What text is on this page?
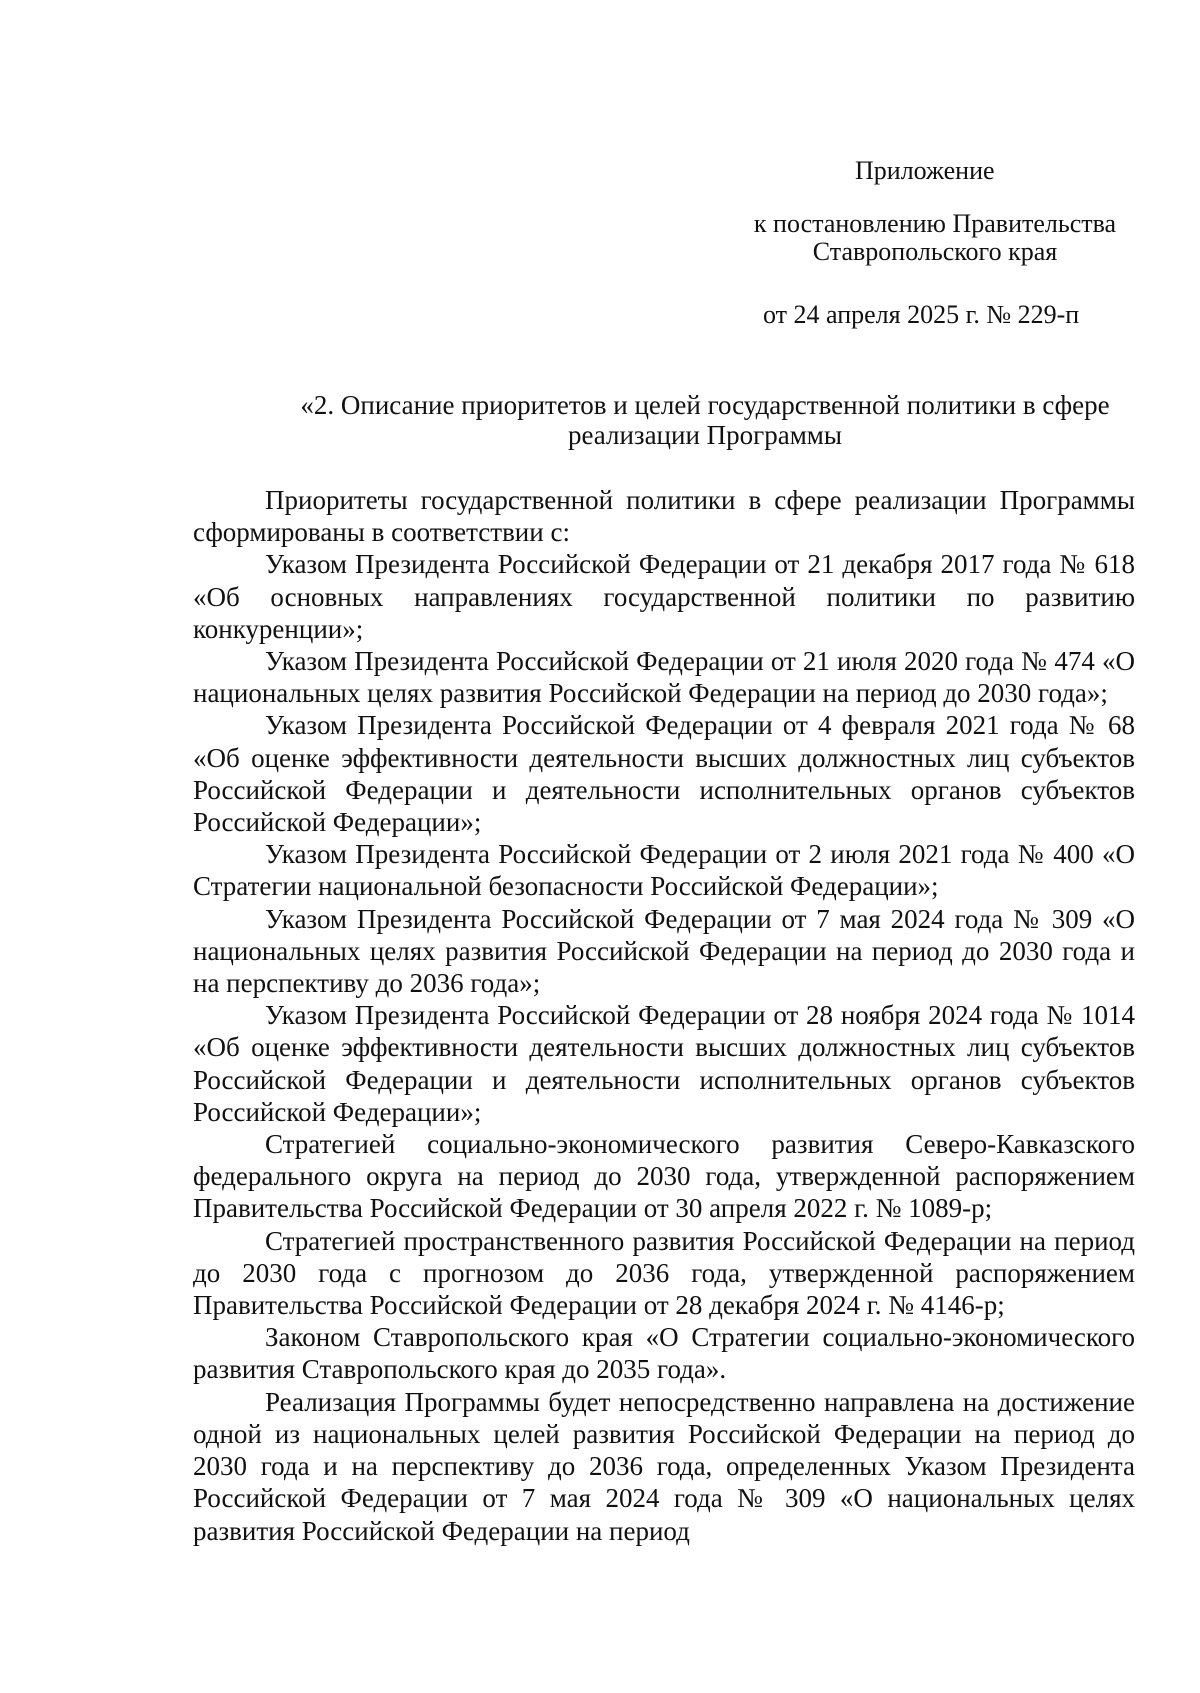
Приложение
к постановлению Правительства
Ставропольского края
от 24 апреля 2025 г. № 229-п
«2. Описание приоритетов и целей государственной политики в сфере
реализации Программы

Приоритеты государственной политики в сфере реализации Программы сформированы в соответствии с:

Указом Президента Российской Федерации от 21 декабря 2017 года № 618 «Об основных направлениях государственной политики по развитию конкуренции»;

Указом Президента Российской Федерации от 21 июля 2020 года № 474 «О национальных целях развития Российской Федерации на период до 2030 года»;

Указом Президента Российской Федерации от 4 февраля 2021 года № 68 «Об оценке эффективности деятельности высших должностных лиц субъектов Российской Федерации и деятельности исполнительных органов субъектов Российской Федерации»;

Указом Президента Российской Федерации от 2 июля 2021 года № 400 «О Стратегии национальной безопасности Российской Федерации»;

Указом Президента Российской Федерации от 7 мая 2024 года № 309 «О национальных целях развития Российской Федерации на период до 2030 года и на перспективу до 2036 года»;

Указом Президента Российской Федерации от 28 ноября 2024 года № 1014 «Об оценке эффективности деятельности высших должностных лиц субъектов Российской Федерации и деятельности исполнительных органов субъектов Российской Федерации»;

Стратегией социально-экономического развития Северо-Кавказского федерального округа на период до 2030 года, утвержденной распоряжением Правительства Российской Федерации от 30 апреля 2022 г. № 1089-р;

Стратегией пространственного развития Российской Федерации на период до 2030 года с прогнозом до 2036 года, утвержденной распоряжением Правительства Российской Федерации от 28 декабря 2024 г. № 4146-р;

Законом Ставропольского края «О Стратегии социально-экономического развития Ставропольского края до 2035 года».

Реализация Программы будет непосредственно направлена на достижение одной из национальных целей развития Российской Федерации на период до 2030 года и на перспективу до 2036 года, определенных Указом Президента Российской Федерации от 7 мая 2024 года № 309 «О национальных целях развития Российской Федерации на период
